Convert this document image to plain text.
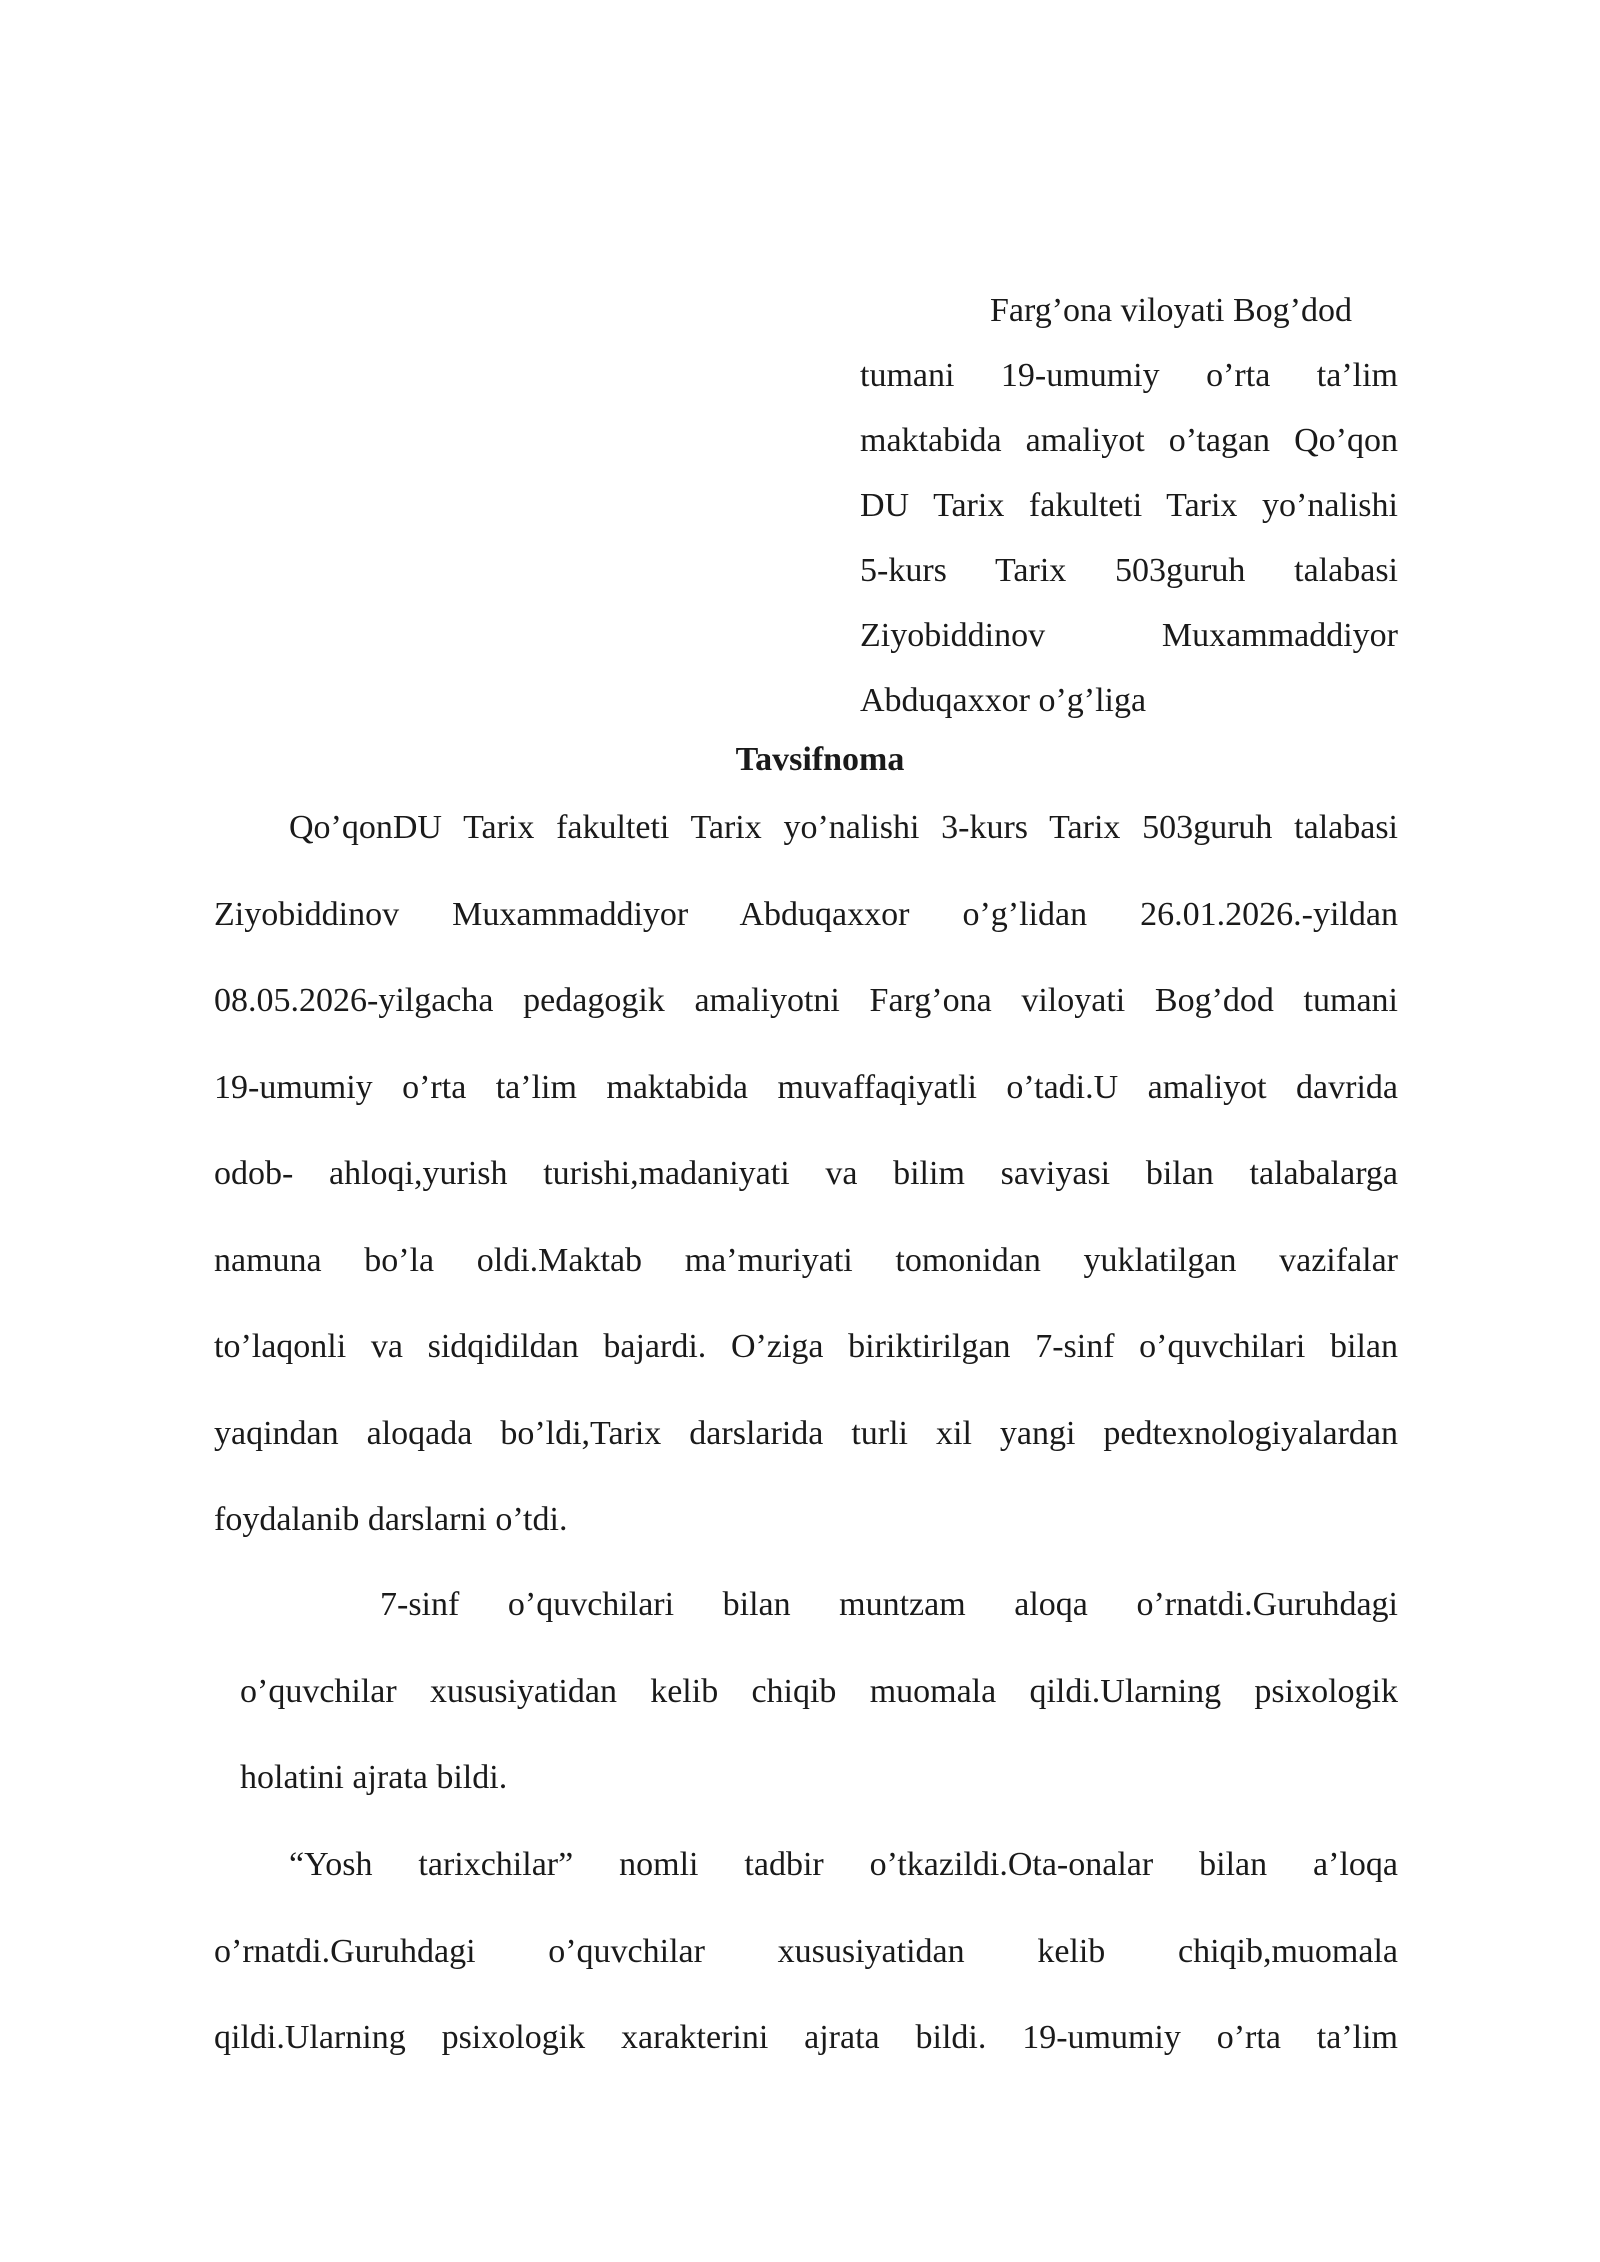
Farg’ona viloyati Bog’dod
tumani 19-umumiy o’rta ta’lim
maktabida amaliyot o’tagan Qo’qon
DU Tarix fakulteti Tarix yo’nalishi
5-kurs Tarix 503guruh talabasi
Ziyobiddinov Muxammaddiyor
Abduqaxxor o’g’liga
Tavsifnoma
Qo’qonDU Tarix fakulteti Tarix yo’nalishi 3-kurs Tarix 503guruh talabasi
Ziyobiddinov Muxammaddiyor Abduqaxxor o’g’lidan 26.01.2026.-yildan
08.05.2026-yilgacha pedagogik amaliyotni Farg’ona viloyati Bog’dod tumani
19-umumiy o’rta ta’lim maktabida muvaffaqiyatli o’tadi.U amaliyot davrida
odob- ahloqi,yurish turishi,madaniyati va bilim saviyasi bilan talabalarga
namuna bo’la oldi.Maktab ma’muriyati tomonidan yuklatilgan vazifalar
to’laqonli va sidqidildan bajardi. O’ziga biriktirilgan 7-sinf o’quvchilari bilan
yaqindan aloqada bo’ldi,Tarix darslarida turli xil yangi pedtexnologiyalardan
foydalanib darslarni o’tdi.
7-sinf o’quvchilari bilan muntzam aloqa o’rnatdi.Guruhdagi
o’quvchilar xususiyatidan kelib chiqib muomala qildi.Ularning psixologik
holatini ajrata bildi.
“Yosh tarixchilar” nomli tadbir o’tkazildi.Ota-onalar bilan a’loqa
o’rnatdi.Guruhdagi o’quvchilar xususiyatidan kelib chiqib,muomala
qildi.Ularning psixologik xarakterini ajrata bildi. 19-umumiy o’rta ta’lim
